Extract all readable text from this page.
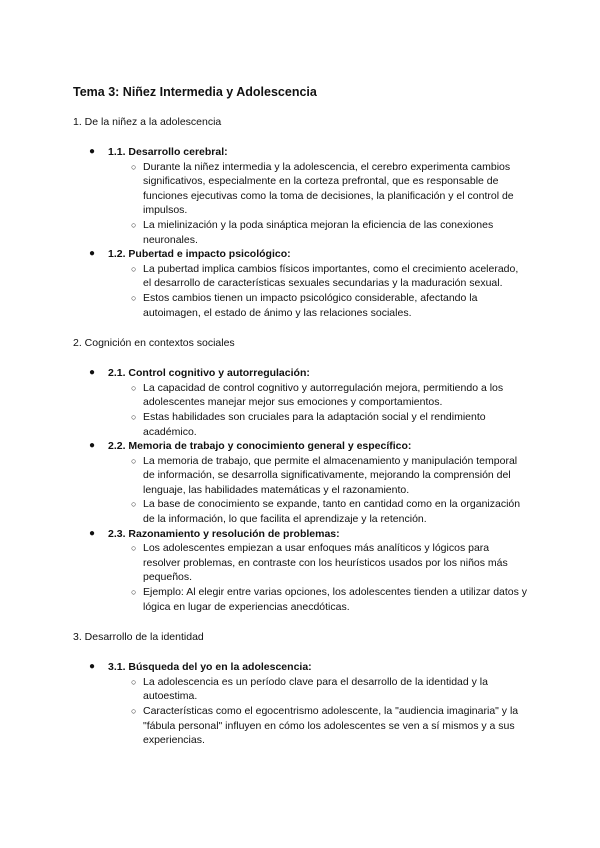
Tema 3: Niñez Intermedia y Adolescencia
1. De la niñez a la adolescencia
● 1.1. Desarrollo cerebral:
○ Durante la niñez intermedia y la adolescencia, el cerebro experimenta cambios significativos, especialmente en la corteza prefrontal, que es responsable de funciones ejecutivas como la toma de decisiones, la planificación y el control de impulsos.
○ La mielinización y la poda sináptica mejoran la eficiencia de las conexiones neuronales.
● 1.2. Pubertad e impacto psicológico:
○ La pubertad implica cambios físicos importantes, como el crecimiento acelerado, el desarrollo de características sexuales secundarias y la maduración sexual.
○ Estos cambios tienen un impacto psicológico considerable, afectando la autoimagen, el estado de ánimo y las relaciones sociales.
2. Cognición en contextos sociales
● 2.1. Control cognitivo y autorregulación:
○ La capacidad de control cognitivo y autorregulación mejora, permitiendo a los adolescentes manejar mejor sus emociones y comportamientos.
○ Estas habilidades son cruciales para la adaptación social y el rendimiento académico.
● 2.2. Memoria de trabajo y conocimiento general y específico:
○ La memoria de trabajo, que permite el almacenamiento y manipulación temporal de información, se desarrolla significativamente, mejorando la comprensión del lenguaje, las habilidades matemáticas y el razonamiento.
○ La base de conocimiento se expande, tanto en cantidad como en la organización de la información, lo que facilita el aprendizaje y la retención.
● 2.3. Razonamiento y resolución de problemas:
○ Los adolescentes empiezan a usar enfoques más analíticos y lógicos para resolver problemas, en contraste con los heurísticos usados por los niños más pequeños.
○ Ejemplo: Al elegir entre varias opciones, los adolescentes tienden a utilizar datos y lógica en lugar de experiencias anecdóticas.
3. Desarrollo de la identidad
● 3.1. Búsqueda del yo en la adolescencia:
○ La adolescencia es un período clave para el desarrollo de la identidad y la autoestima.
○ Características como el egocentrismo adolescente, la "audiencia imaginaria" y la "fábula personal" influyen en cómo los adolescentes se ven a sí mismos y a sus experiencias.
